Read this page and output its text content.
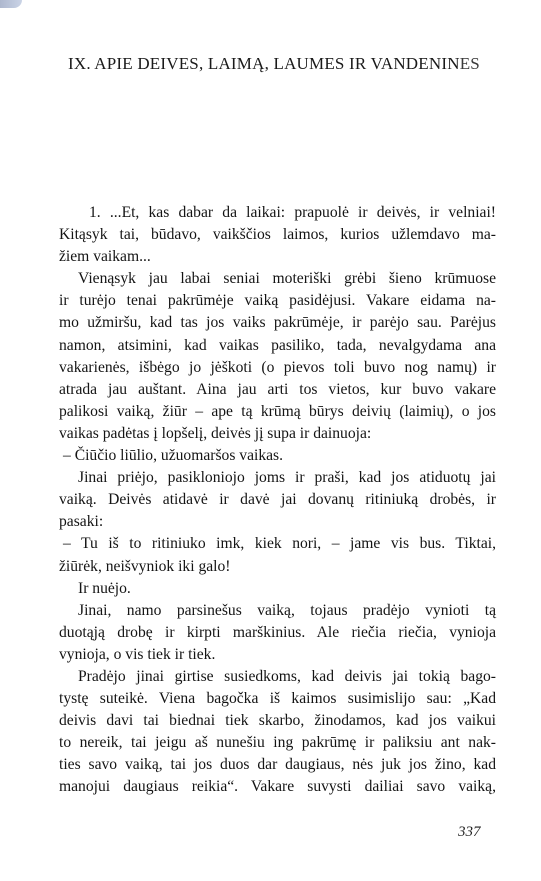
IX. APIE DEIVES, LAIMĄ, LAUMES IR VANDENINES
1. ...Et, kas dabar da laikai: prapuolė ir deivės, ir velniai!
Kitąsyk tai, būdavo, vaikščios laimos, kurios užlemdavo ma-
žiem vaikam...
Vienąsyk jau labai seniai moteriški grėbi šieno krūmuose
ir turėjo tenai pakrūmėje vaiką pasidėjusi. Vakare eidama na-
mo užmiršu, kad tas jos vaiks pakrūmėje, ir parėjo sau. Parėjus
namon, atsimini, kad vaikas pasiliko, tada, nevalgydama ana
vakarienės, išbėgo jo jėškoti (o pievos toli buvo nog namų) ir
atrada jau auštant. Aina jau arti tos vietos, kur buvo vakare
palikosi vaiką, žiūr – ape tą krūmą būrys deivių (laimių), o jos
vaikas padėtas į lopšelį, deivės jį supa ir dainuoja:
– Čiūčio liūlio, užuomaršos vaikas.
Jinai priėjo, pasikloniojo joms ir praši, kad jos atiduotų jai
vaiką. Deivės atidavė ir davė jai dovanų ritiniuką drobės, ir
pasaki:
– Tu iš to ritiniuko imk, kiek nori, – jame vis bus. Tiktai,
žiūrėk, neišvyniok iki galo!
Ir nuėjo.
Jinai, namo parsinešus vaiką, tojaus pradėjo vynioti tą
duotąją drobę ir kirpti marškinius. Ale riečia riečia, vynioja
vynioja, o vis tiek ir tiek.
Pradėjo jinai girtise susiedkoms, kad deivis jai tokią bago-
tystę suteikė. Viena bagočka iš kaimos susimislijo sau: „Kad
deivis davi tai biednai tiek skarbo, žinodamos, kad jos vaikui
to nereik, tai jeigu aš nunešiu ing pakrūmę ir paliksiu ant nak-
ties savo vaiką, tai jos duos dar daugiaus, nės juk jos žino, kad
manojui daugiaus reikia“. Vakare suvysti dailiai savo vaiką,
337
